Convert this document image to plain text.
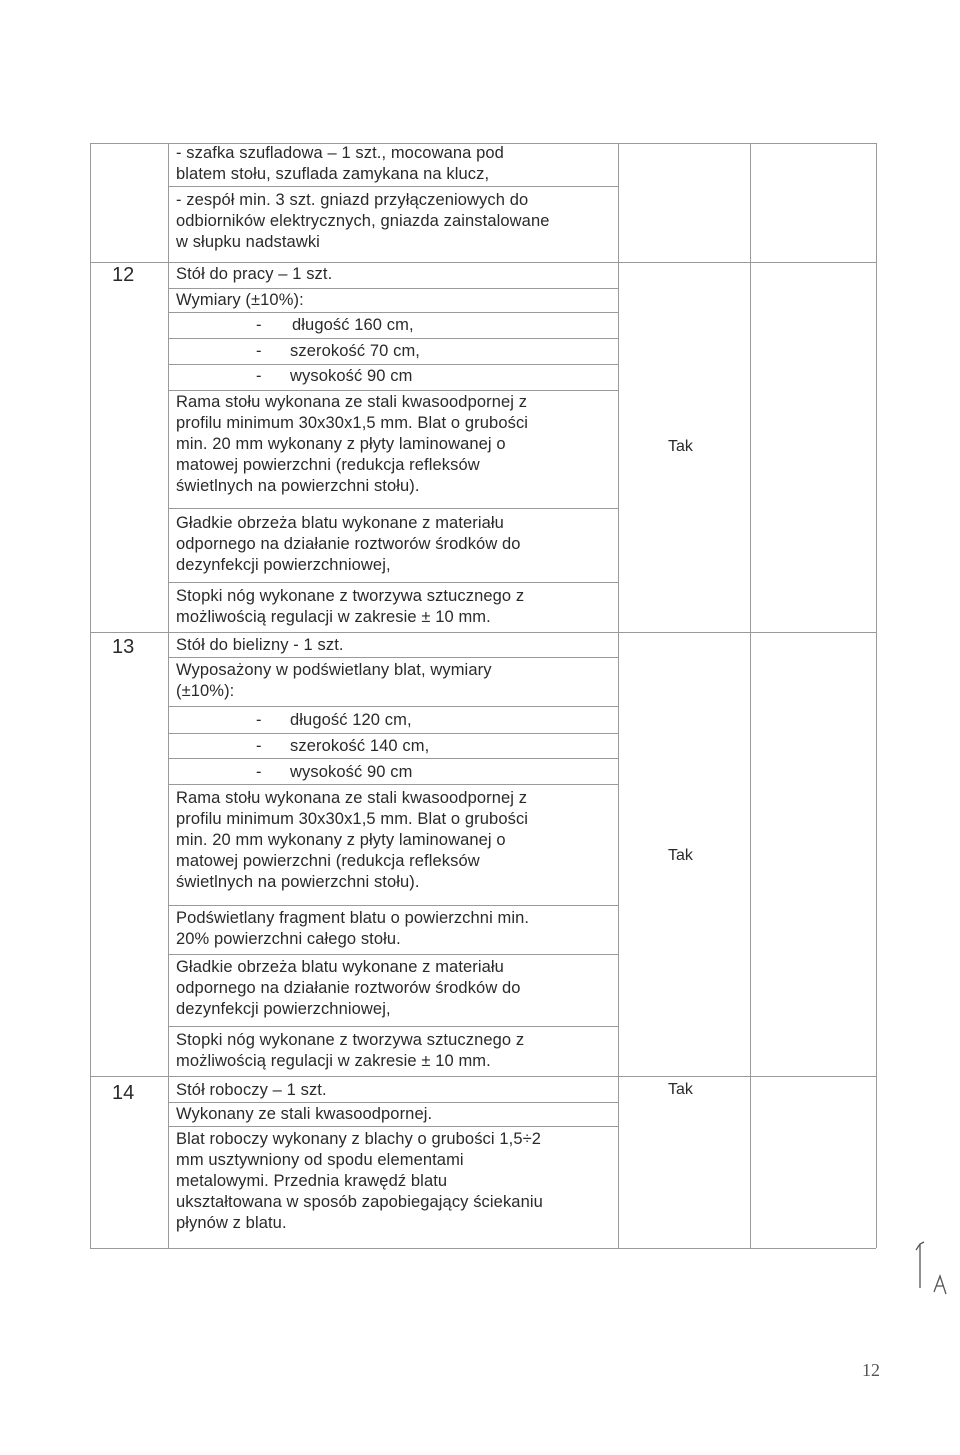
- szafka szufladowa – 1 szt., mocowana pod
blatem stołu, szuflada zamykana na klucz,
- zespół min. 3 szt. gniazd przyłączeniowych do
odbiorników elektrycznych, gniazda zainstalowane
w słupku nadstawki
12	Stół do pracy – 1 szt.
Wymiary (±10%):
- długość 160 cm,
- szerokość 70 cm,
- wysokość 90 cm
Rama stołu wykonana ze stali kwasoodpornej z
profilu minimum 30x30x1,5 mm. Blat o grubości
min. 20 mm wykonany z płyty laminowanej o
matowej powierzchni (redukcja refleksów
świetlnych na powierzchni stołu).
Gładkie obrzeża blatu wykonane z materiału
odpornego na działanie roztworów środków do
dezynfekcji powierzchniowej,
Stopki nóg wykonane z tworzywa sztucznego z
możliwością regulacji w zakresie ± 10 mm.
Tak
13	Stół do bielizny - 1 szt.
Wyposażony w podświetlany blat, wymiary
(±10%):
- długość 120 cm,
- szerokość 140 cm,
- wysokość 90 cm
Rama stołu wykonana ze stali kwasoodpornej z
profilu minimum 30x30x1,5 mm. Blat o grubości
min. 20 mm wykonany z płyty laminowanej o
matowej powierzchni (redukcja refleksów
świetlnych na powierzchni stołu).
Podświetlany fragment blatu o powierzchni min.
20% powierzchni całego stołu.
Gładkie obrzeża blatu wykonane z materiału
odpornego na działanie roztworów środków do
dezynfekcji powierzchniowej,
Stopki nóg wykonane z tworzywa sztucznego z
możliwością regulacji w zakresie ± 10 mm.
Tak
14	Stół roboczy – 1 szt.
Wykonany ze stali kwasoodpornej.
Blat roboczy wykonany z blachy o grubości 1,5÷2
mm usztywniony od spodu elementami
metalowymi. Przednia krawędź blatu
ukształtowana w sposób zapobiegający ściekaniu
płynów z blatu.
Tak
12
